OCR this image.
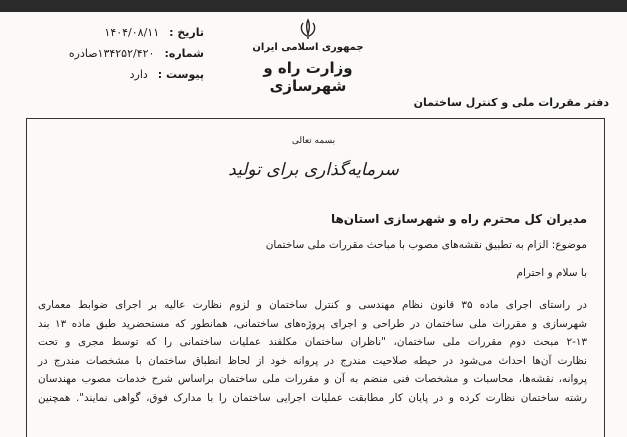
تاریخ :
۱۴۰۴/۰۸/۱۱
شماره:
۱۳۴۲۵۲/۴۲۰صادره
پیوست :
دارد
جمهوری اسلامی ایران
وزارت راه و شهرسازی
دفتر مقررات ملی و کنترل ساختمان
بسمه تعالی
سرمایه‌گذاری برای تولید
مدیران کل محترم راه و شهرسازی استان‌ها
موضوع: الزام به تطبیق نقشه‌های مصوب با مباحث مقررات ملی ساختمان
با سلام و احترام
در راستای اجرای ماده ۳۵ قانون نظام مهندسی و کنترل ساختمان و لزوم نظارت عالیه بر اجرای ضوابط معماری
شهرسازی و مقررات ملی ساختمان در طراحی و اجرای پروژه‌های ساختمانی، همانطور که مستحضرید طبق ماده ۱۳ بند
۲-۱۳ مبحث دوم مقررات ملی ساختمان، "ناظران ساختمان مکلفند عملیات ساختمانی را که توسط مجری و تحت
نظارت آن‌ها احداث می‌شود در حیطه صلاحیت مندرج در پروانه خود از لحاظ انطباق ساختمان با مشخصات مندرج در
پروانه، نقشه‌ها، محاسبات و مشخصات فنی منضم به آن و مقررات ملی ساختمان براساس شرح خدمات مصوب مهندسان
رشته ساختمان نظارت کرده و در پایان کار مطابقت عملیات اجرایی ساختمان را با مدارک فوق، گواهی نمایند". همچنین
